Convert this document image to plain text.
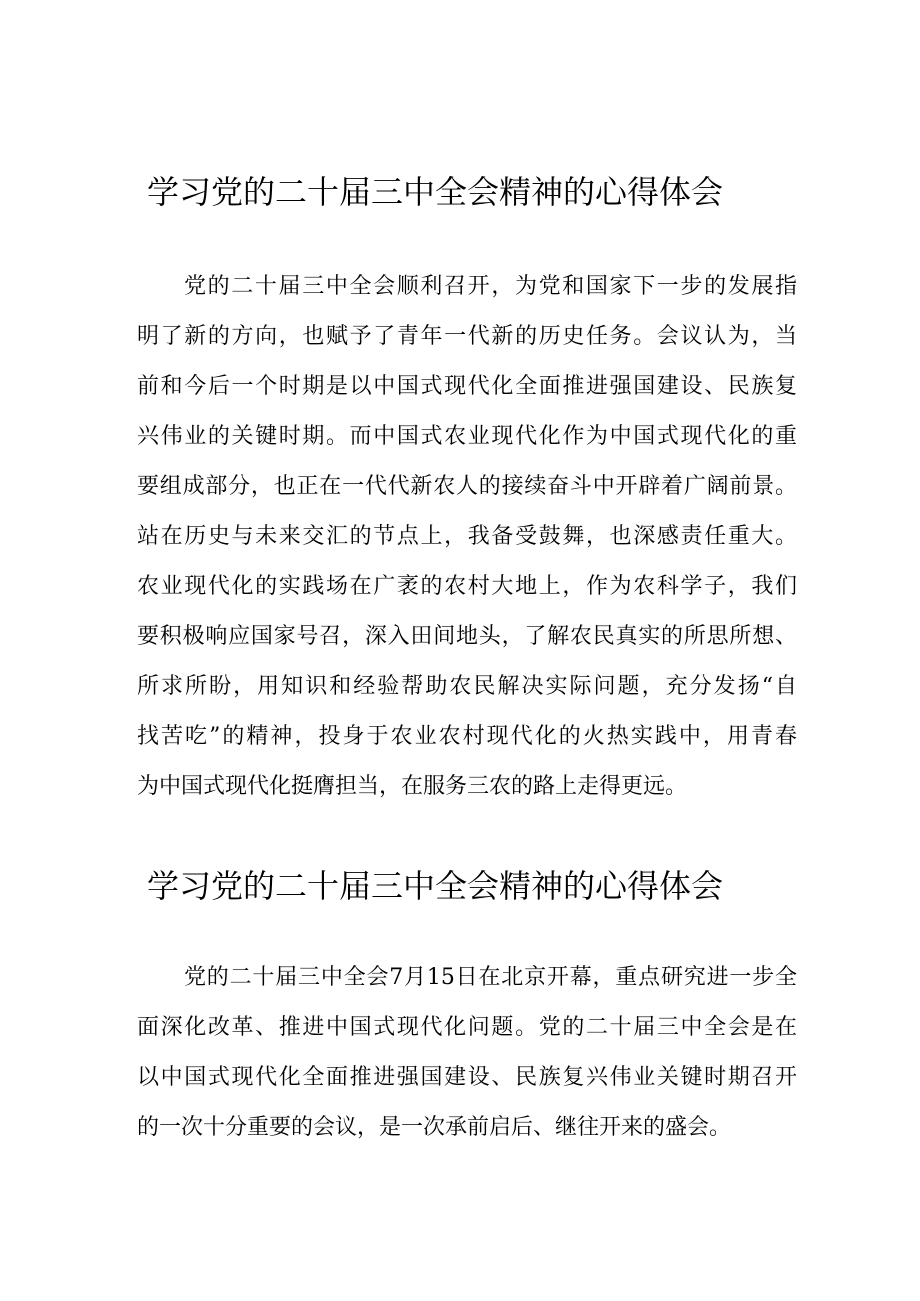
学习党的二十届三中全会精神的心得体会

党的二十届三中全会顺利召开，为党和国家下一步的发展指

明了新的方向，也赋予了青年一代新的历史任务。会议认为，当

前和今后一个时期是以中国式现代化全面推进强国建设、民族复

兴伟业的关键时期。而中国式农业现代化作为中国式现代化的重

要组成部分，也正在一代代新农人的接续奋斗中开辟着广阔前景。

站在历史与未来交汇的节点上，我备受鼓舞，也深感责任重大。

农业现代化的实践场在广袤的农村大地上，作为农科学子，我们

要积极响应国家号召，深入田间地头，了解农民真实的所思所想、

所求所盼，用知识和经验帮助农民解决实际问题，充分发扬“自

找苦吃”的精神，投身于农业农村现代化的火热实践中，用青春

为中国式现代化挺膺担当，在服务三农的路上走得更远。

学习党的二十届三中全会精神的心得体会

党的二十届三中全会7月15日在北京开幕，重点研究进一步全

面深化改革、推进中国式现代化问题。党的二十届三中全会是在

以中国式现代化全面推进强国建设、民族复兴伟业关键时期召开

的一次十分重要的会议，是一次承前启后、继往开来的盛会。
